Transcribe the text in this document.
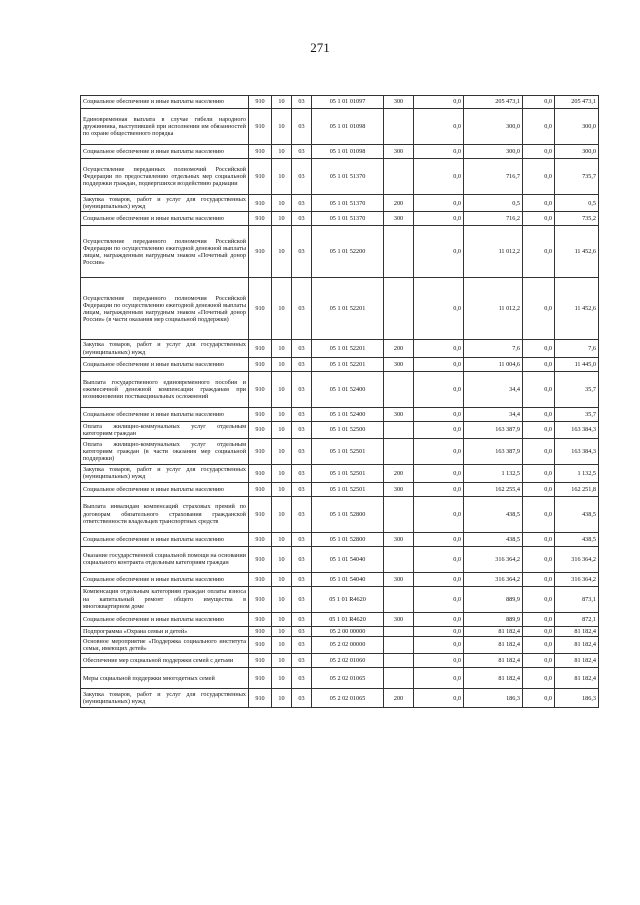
271
Социальное обеспечение и иные выплаты населению	910	10	03	05 1 01 01097	300	0,0	205 473,1	0,0	205 473,1
Единовременная выплата в случае гибели народного дружинника, выступившей при исполнении им обязанностей по охране общественного порядка	910	10	03	05 1 01 01098		0,0	300,0	0,0	300,0
Социальное обеспечение и иные выплаты населению	910	10	03	05 1 01 01098	300	0,0	300,0	0,0	300,0
Осуществление переданных полномочий Российской Федерации по предоставлению отдельных мер социальной поддержки граждан, подвергшихся воздействию радиации	910	10	03	05 1 01 51370		0,0	716,7	0,0	735,7
Закупка товаров, работ и услуг для государственных (муниципальных) нужд	910	10	03	05 1 01 51370	200	0,0	0,5	0,0	0,5
Социальное обеспечение и иные выплаты населению	910	10	03	05 1 01 51370	300	0,0	716,2	0,0	735,2
Осуществление переданного полномочия Российской Федерации по осуществлению ежегодной денежной выплаты лицам, награжденным нагрудным знаком «Почетный донор России»	910	10	03	05 1 01 52200		0,0	11 012,2	0,0	11 452,6
Осуществление переданного полномочия Российской Федерации по осуществлению ежегодной денежной выплаты лицам, награжденным нагрудным знаком «Почетный донор России» (в части оказания мер социальной поддержки)	910	10	03	05 1 01 52201		0,0	11 012,2	0,0	11 452,6
Закупка товаров, работ и услуг для государственных (муниципальных) нужд	910	10	03	05 1 01 52201	200	0,0	7,6	0,0	7,6
Социальное обеспечение и иные выплаты населению	910	10	03	05 1 01 52201	300	0,0	11 004,6	0,0	11 445,0
Выплата государственного единовременного пособия и ежемесячной денежной компенсации гражданам при возникновении поствакцинальных осложнений	910	10	03	05 1 01 52400		0,0	34,4	0,0	35,7
Социальное обеспечение и иные выплаты населению	910	10	03	05 1 01 52400	300	0,0	34,4	0,0	35,7
Оплата жилищно-коммунальных услуг отдельным категориям граждан	910	10	03	05 1 01 52500		0,0	163 387,9	0,0	163 384,3
Оплата жилищно-коммунальных услуг отдельным категориям граждан (в части оказания мер социальной поддержки)	910	10	03	05 1 01 52501		0,0	163 387,9	0,0	163 384,3
Закупка товаров, работ и услуг для государственных (муниципальных) нужд	910	10	03	05 1 01 52501	200	0,0	1 132,5	0,0	1 132,5
Социальное обеспечение и иные выплаты населению	910	10	03	05 1 01 52501	300	0,0	162 255,4	0,0	162 251,8
Выплата инвалидам компенсаций страховых премий по договорам обязательного страхования гражданской ответственности владельцев транспортных средств	910	10	03	05 1 01 52800		0,0	438,5	0,0	438,5
Социальное обеспечение и иные выплаты населению	910	10	03	05 1 01 52800	300	0,0	438,5	0,0	438,5
Оказание государственной социальной помощи на основании социального контракта отдельным категориям граждан	910	10	03	05 1 01 54040		0,0	316 364,2	0,0	316 364,2
Социальное обеспечение и иные выплаты населению	910	10	03	05 1 01 54040	300	0,0	316 364,2	0,0	316 364,2
Компенсация отдельным категориям граждан оплаты взноса на капитальный ремонт общего имущества в многоквартирном доме	910	10	03	05 1 01 R4620		0,0	889,9	0,0	873,1
Социальное обеспечение и иные выплаты населению	910	10	03	05 1 01 R4620	300	0,0	889,9	0,0	872,1
Подпрограмма «Охрана семьи и детей»	910	10	03	05 2 00 00000		0,0	81 182,4	0,0	81 182,4
Основное мероприятие «Поддержка социального института семьи, имеющих детей»	910	10	03	05 2 02 00000		0,0	81 182,4	0,0	81 182,4
Обеспечение мер социальной поддержки семей с детьми	910	10	03	05 2 02 01060		0,0	81 182,4	0,0	81 182,4
Меры социальной поддержки многодетных семей	910	10	03	05 2 02 01065		0,0	81 182,4	0,0	81 182,4
Закупка товаров, работ и услуг для государственных (муниципальных) нужд	910	10	03	05 2 02 01065	200	0,0	186,3	0,0	186,3
